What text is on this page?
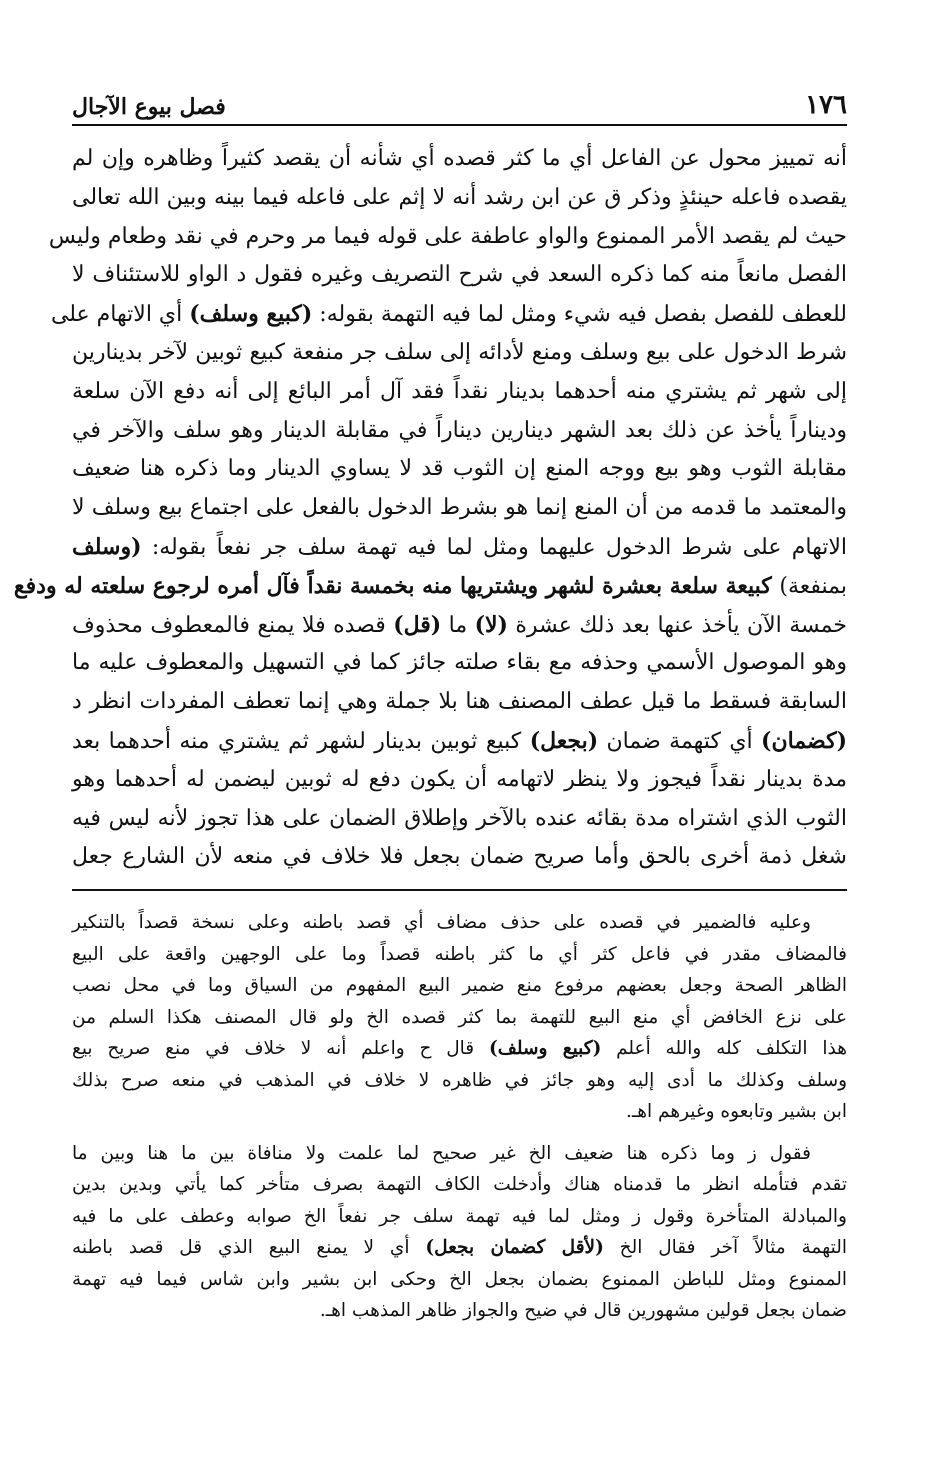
١٧٦
فصل بيوع الآجال
أنه تمييز محول عن الفاعل أي ما كثر قصده أي شأنه أن يقصد كثيراً وظاهره وإن لم
يقصده فاعله حينئذٍ وذكر ق عن ابن رشد أنه لا إثم على فاعله فيما بينه وبين الله تعالى
حيث لم يقصد الأمر الممنوع والواو عاطفة على قوله فيما مر وحرم في نقد وطعام وليس
الفصل مانعاً منه كما ذكره السعد في شرح التصريف وغيره فقول د الواو للاستئناف لا
للعطف للفصل بفصل فيه شيء ومثل لما فيه التهمة بقوله: (كبيع وسلف) أي الاتهام على
شرط الدخول على بيع وسلف ومنع لأدائه إلى سلف جر منفعة كبيع ثوبين لآخر بدينارين
إلى شهر ثم يشتري منه أحدهما بدينار نقداً فقد آل أمر البائع إلى أنه دفع الآن سلعة
وديناراً يأخذ عن ذلك بعد الشهر دينارين ديناراً في مقابلة الدينار وهو سلف والآخر في
مقابلة الثوب وهو بيع ووجه المنع إن الثوب قد لا يساوي الدينار وما ذكره هنا ضعيف
والمعتمد ما قدمه من أن المنع إنما هو بشرط الدخول بالفعل على اجتماع بيع وسلف لا
الاتهام على شرط الدخول عليهما ومثل لما فيه تهمة سلف جر نفعاً بقوله: (وسلف
بمنفعة) كبيعة سلعة بعشرة لشهر ويشتريها منه بخمسة نقداً فآل أمره لرجوع سلعته له ودفع
خمسة الآن يأخذ عنها بعد ذلك عشرة (لا) ما (قل) قصده فلا يمنع فالمعطوف محذوف
وهو الموصول الأسمي وحذفه مع بقاء صلته جائز كما في التسهيل والمعطوف عليه ما
السابقة فسقط ما قيل عطف المصنف هنا بلا جملة وهي إنما تعطف المفردات انظر د
(كضمان) أي كتهمة ضمان (بجعل) كبيع ثوبين بدينار لشهر ثم يشتري منه أحدهما بعد
مدة بدينار نقداً فيجوز ولا ينظر لاتهامه أن يكون دفع له ثوبين ليضمن له أحدهما وهو
الثوب الذي اشتراه مدة بقائه عنده بالآخر وإطلاق الضمان على هذا تجوز لأنه ليس فيه
شغل ذمة أخرى بالحق وأما صريح ضمان بجعل فلا خلاف في منعه لأن الشارع جعل
وعليه فالضمير في قصده على حذف مضاف أي قصد باطنه وعلى نسخة قصداً بالتنكير
فالمضاف مقدر في فاعل كثر أي ما كثر باطنه قصداً وما على الوجهين واقعة على البيع
الظاهر الصحة وجعل بعضهم مرفوع منع ضمير البيع المفهوم من السياق وما في محل نصب
على نزع الخافض أي منع البيع للتهمة بما كثر قصده الخ ولو قال المصنف هكذا السلم من
هذا التكلف كله والله أعلم (كبيع وسلف) قال ح واعلم أنه لا خلاف في منع صريح بيع
وسلف وكذلك ما أدى إليه وهو جائز في ظاهره لا خلاف في المذهب في منعه صرح بذلك
ابن بشير وتابعوه وغيرهم اهـ.
فقول ز وما ذكره هنا ضعيف الخ غير صحيح لما علمت ولا منافاة بين ما هنا وبين ما
تقدم فتأمله انظر ما قدمناه هناك وأدخلت الكاف التهمة بصرف متأخر كما يأتي وبدين بدين
والمبادلة المتأخرة وقول ز ومثل لما فيه تهمة سلف جر نفعاً الخ صوابه وعطف على ما فيه
التهمة مثالاً آخر فقال الخ (لأقل كضمان بجعل) أي لا يمنع البيع الذي قل قصد باطنه
الممنوع ومثل للباطن الممنوع بضمان بجعل الخ وحكى ابن بشير وابن شاس فيما فيه تهمة
ضمان بجعل قولين مشهورين قال في ضيح والجواز ظاهر المذهب اهـ.
